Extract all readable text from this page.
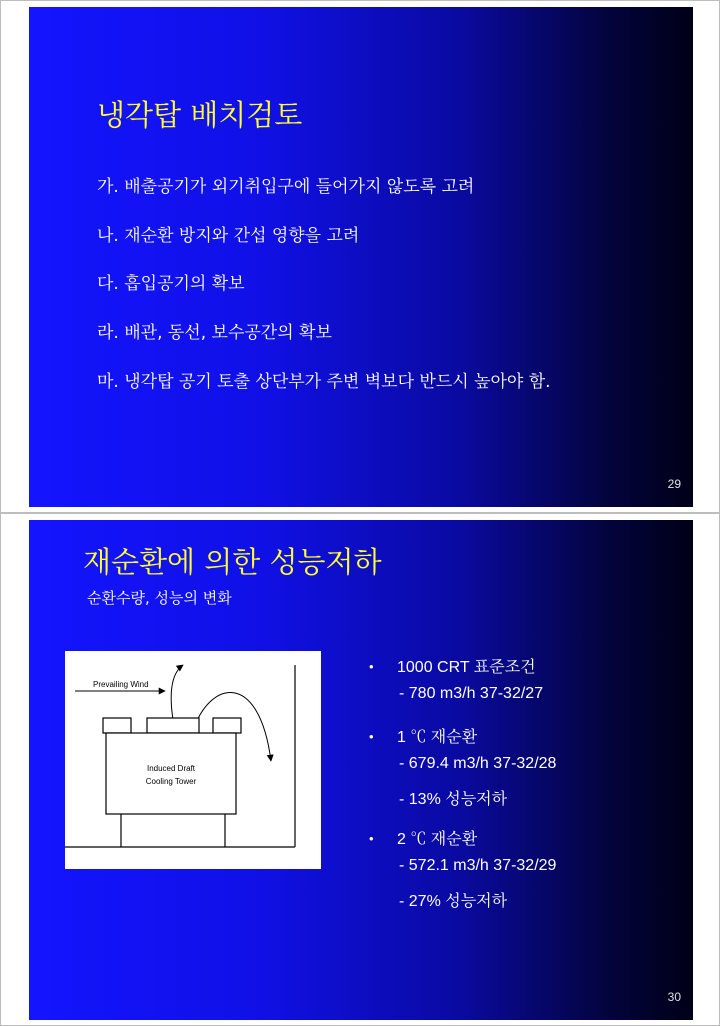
냉각탑 배치검토

가. 배출공기가 외기취입구에 들어가지 않도록 고려

나. 재순환 방지와 간섭 영향을 고려

다. 흡입공기의 확보

라. 배관, 동선, 보수공간의 확보

마. 냉각탑 공기 토출 상단부가 주변 벽보다 반드시 높아야 함.

29
재순환에 의한 성능저하

순환수량, 성능의 변화

Prevailing Wind
Induced Draft
Cooling Tower
• 1000 CRT 표준조건
- 780 m3/h 37-32/27
• 1 ℃ 재순환
- 679.4 m3/h 37-32/28
- 13% 성능저하
• 2 ℃ 재순환
- 572.1 m3/h 37-32/29
- 27% 성능저하
30
